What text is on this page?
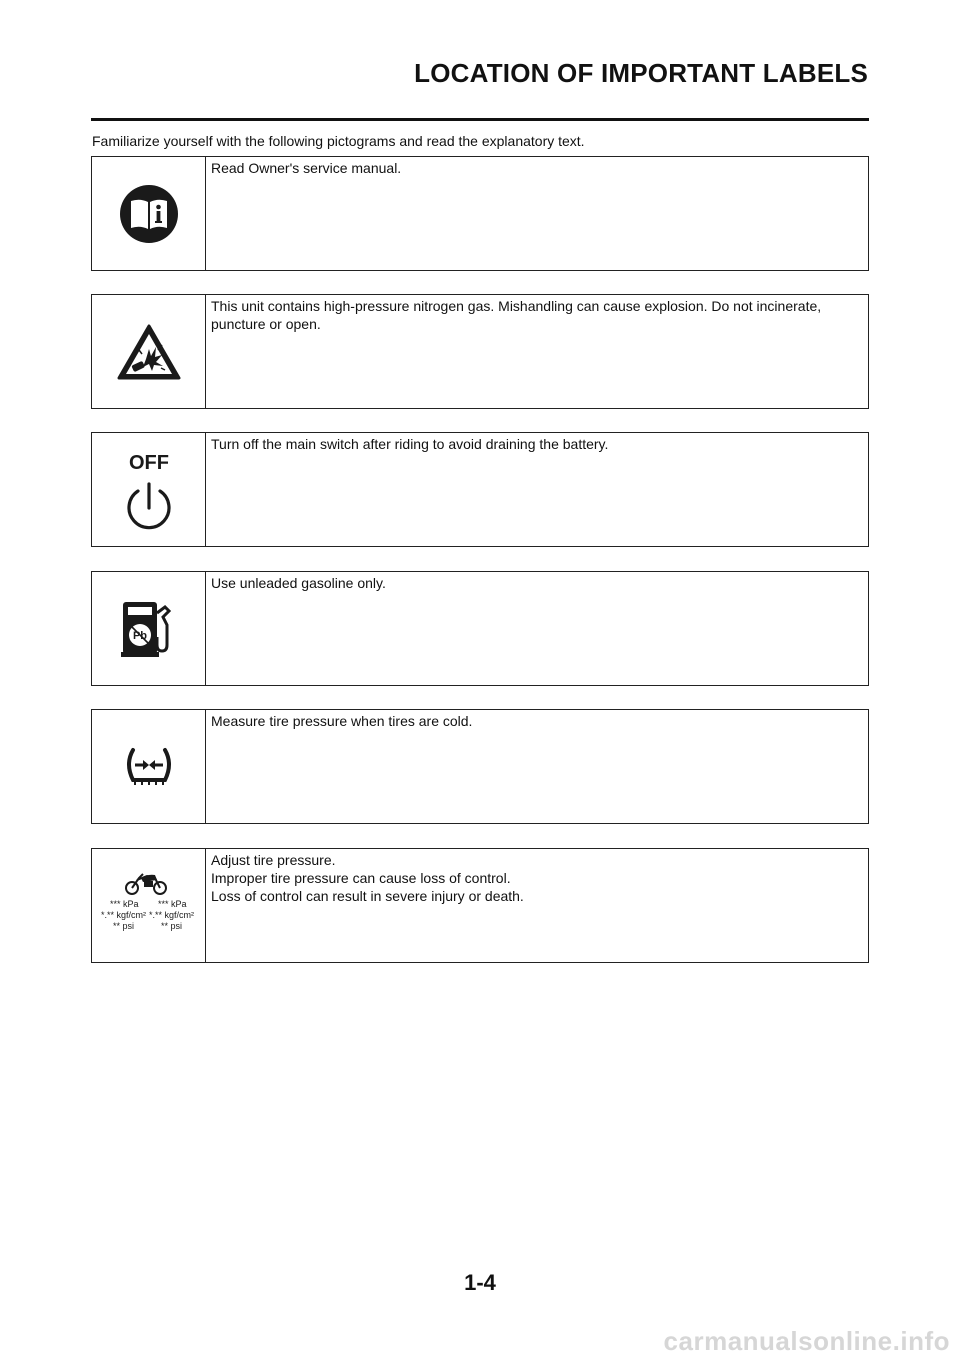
LOCATION OF IMPORTANT LABELS
Familiarize yourself with the following pictograms and read the explanatory text.
Read Owner's service manual.
This unit contains high-pressure nitrogen gas. Mishandling can cause explosion. Do not incinerate,
puncture or open.
OFF
Turn off the main switch after riding to avoid draining the battery.
Pb
Use unleaded gasoline only.
Measure tire pressure when tires are cold.
*** kPa
*.** kgf/cm²
** psi
*** kPa
*.** kgf/cm²
** psi
Adjust tire pressure.
Improper tire pressure can cause loss of control.
Loss of control can result in severe injury or death.
1-4
carmanualsonline.info
